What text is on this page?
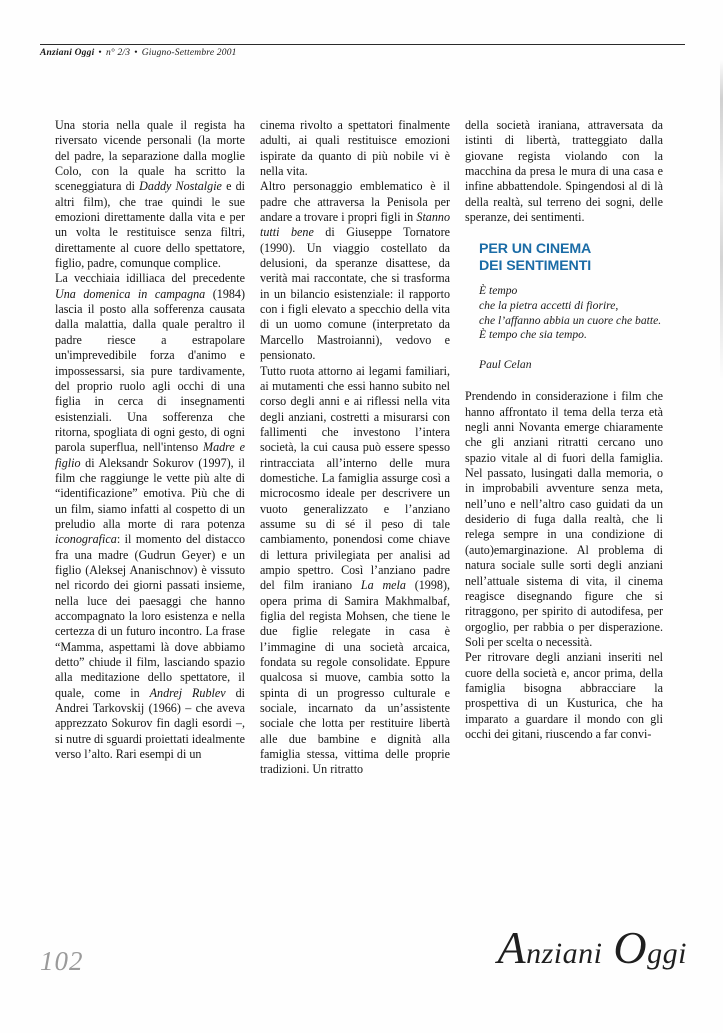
Anziani Oggi • n° 2/3 • Giugno-Settembre 2001

Una storia nella quale il regista ha riversato vicende personali (la morte del padre, la separazione dalla moglie Colo, con la quale ha scritto la sceneggiatura di Daddy Nostalgie e di altri film), che trae quindi le sue emozioni direttamente dalla vita e per un volta le restituisce senza filtri, direttamente al cuore dello spettatore, figlio, padre, comunque complice.

La vecchiaia idilliaca del precedente Una domenica in campagna (1984) lascia il posto alla sofferenza causata dalla malattia, dalla quale peraltro il padre riesce a estrapolare un'imprevedibile forza d'animo e impossessarsi, sia pure tardivamente, del proprio ruolo agli occhi di una figlia in cerca di insegnamenti esistenziali. Una sofferenza che ritorna, spogliata di ogni gesto, di ogni parola superflua, nell'intenso Madre e figlio di Aleksandr Sokurov (1997), il film che raggiunge le vette più alte di “identificazione” emotiva. Più che di un film, siamo infatti al cospetto di un preludio alla morte di rara potenza iconografica: il momento del distacco fra una madre (Gudrun Geyer) e un figlio (Aleksej Ananischnov) è vissuto nel ricordo dei giorni passati insieme, nella luce dei paesaggi che hanno accompagnato la loro esistenza e nella certezza di un futuro incontro. La frase “Mamma, aspettami là dove abbiamo detto” chiude il film, lasciando spazio alla meditazione dello spettatore, il quale, come in Andrej Rublev di Andrei Tarkovskij (1966) – che aveva apprezzato Sokurov fin dagli esordi –, si nutre di sguardi proiettati idealmente verso l’alto. Rari esempi di un

cinema rivolto a spettatori finalmente adulti, ai quali restituisce emozioni ispirate da quanto di più nobile vi è nella vita.

Altro personaggio emblematico è il padre che attraversa la Penisola per andare a trovare i propri figli in Stanno tutti bene di Giuseppe Tornatore (1990). Un viaggio costellato da delusioni, da speranze disattese, da verità mai raccontate, che si trasforma in un bilancio esistenziale: il rapporto con i figli elevato a specchio della vita di un uomo comune (interpretato da Marcello Mastroianni), vedovo e pensionato.

Tutto ruota attorno ai legami familiari, ai mutamenti che essi hanno subito nel corso degli anni e ai riflessi nella vita degli anziani, costretti a misurarsi con fallimenti che investono l’intera società, la cui causa può essere spesso rintracciata all’interno delle mura domestiche. La famiglia assurge così a microcosmo ideale per descrivere un vuoto generalizzato e l’anziano assume su di sé il peso di tale cambiamento, ponendosi come chiave di lettura privilegiata per analisi ad ampio spettro. Così l’anziano padre del film iraniano La mela (1998), opera prima di Samira Makhmalbaf, figlia del regista Mohsen, che tiene le due figlie relegate in casa è l’immagine di una società arcaica, fondata su regole consolidate. Eppure qualcosa si muove, cambia sotto la spinta di un progresso culturale e sociale, incarnato da un’assistente sociale che lotta per restituire libertà alle due bambine e dignità alla famiglia stessa, vittima delle proprie tradizioni. Un ritratto

della società iraniana, attraversata da istinti di libertà, tratteggiato dalla giovane regista violando con la macchina da presa le mura di una casa e infine abbattendole. Spingendosi al di là della realtà, sul terreno dei sogni, delle speranze, dei sentimenti.

PER UN CINEMA
DEI SENTIMENTI
È tempo
che la pietra accetti di fiorire,
che l’affanno abbia un cuore che batte.
È tempo che sia tempo.
Paul Celan

Prendendo in considerazione i film che hanno affrontato il tema della terza età negli anni Novanta emerge chiaramente che gli anziani ritratti cercano uno spazio vitale al di fuori della famiglia. Nel passato, lusingati dalla memoria, o in improbabili avventure senza meta, nell’uno e nell’altro caso guidati da un desiderio di fuga dalla realtà, che li relega sempre in una condizione di (auto)emarginazione. Al problema di natura sociale sulle sorti degli anziani nell’attuale sistema di vita, il cinema reagisce disegnando figure che si ritraggono, per spirito di autodifesa, per orgoglio, per rabbia o per disperazione. Soli per scelta o necessità.

Per ritrovare degli anziani inseriti nel cuore della società e, ancor prima, della famiglia bisogna abbracciare la prospettiva di un Kusturica, che ha imparato a guardare il mondo con gli occhi dei gitani, riuscendo a far convi-

102	Anziani Oggi
